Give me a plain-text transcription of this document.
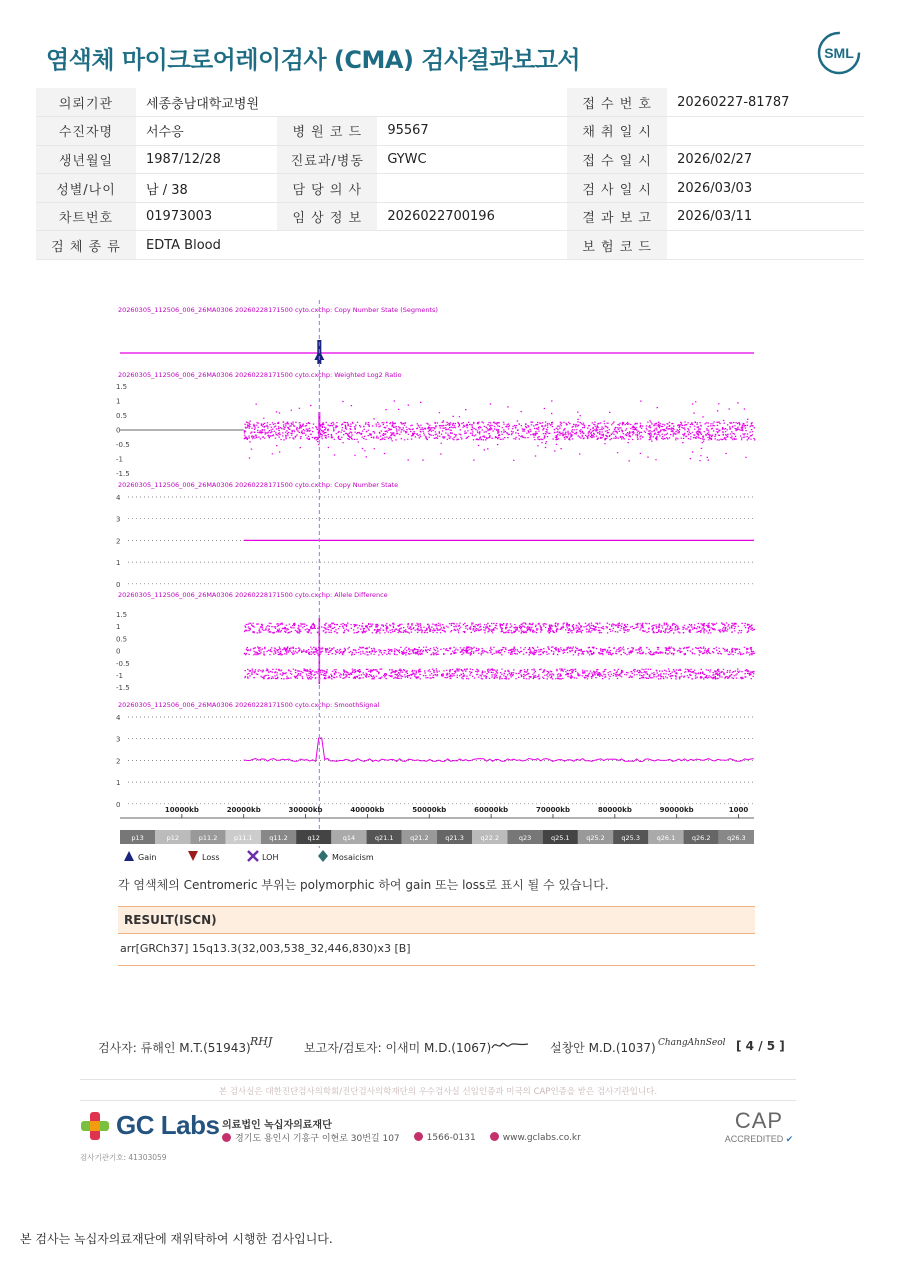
염색체 마이크로어레이검사 (CMA) 검사결과보고서	SML
의뢰기관	세종충남대학교병원			접 수 번 호	20260227-81787
수진자명	서수응	병 원 코 드	95567	채 취 일 시	
생년월일	1987/12/28	진료과/병동	GYWC	접 수 일 시	2026/02/27
성별/나이	남 / 38	담 당 의 사		검 사 일 시	2026/03/03
차트번호	01973003	임 상 정 보	2026022700196	결 과 보 고	2026/03/11
검 체 종 류	EDTA Blood			보 험 코 드	
20260305_112506_006_26MA0306 20260228171500 cyto.cxchp: Copy Number State (Segments)
20260305_112506_006_26MA0306 20260228171500 cyto.cxchp: Weighted Log2 Ratio
1.5
1
0.5
0
-0.5
-1
-1.5
20260305_112506_006_26MA0306 20260228171500 cyto.cxchp: Copy Number State
4
3
2
1
0
20260305_112506_006_26MA0306 20260228171500 cyto.cxchp: Allele Difference
1.5
1
0.5
0
-0.5
-1
-1.5
20260305_112506_006_26MA0306 20260228171500 cyto.cxchp: SmoothSignal
4
3
2
1
0
10000kb	20000kb	30000kb	40000kb	50000kb	60000kb	70000kb	80000kb	90000kb	1000
p13	p12	p11.2	p11.1	q11.2	q12	q14	q21.1	q21.2	q21.3	q22.2	q23	q25.1	q25.2	q25.3	q26.1	q26.2	q26.3
Gain	Loss	LOH	Mosaicism
각 염색체의 Centromeric 부위는 polymorphic 하여 gain 또는 loss로 표시 될 수 있습니다.
RESULT(ISCN)
arr[GRCh37] 15q13.3(32,003,538_32,446,830)x3 [B]
검사자: 류해인 M.T.(51943) RHJ	보고자/검토자: 이새미 M.D.(1067)	설창안 M.D.(1037) ChangAhnSeol [ 4 / 5 ]
본 검사실은 대한진단검사의학회/진단검사의학재단의 우수검사실 신임인증과 미국의 CAP인증을 받은 검사기관입니다.
GC Labs 의료법인 녹십자의료재단
경기도 용인시 기흥구 이현로 30번길 107	1566-0131	www.gclabs.co.kr
검사기관기호: 41303059
CAP
ACCREDITED ✔
본 검사는 녹십자의료재단에 재위탁하여 시행한 검사입니다.
